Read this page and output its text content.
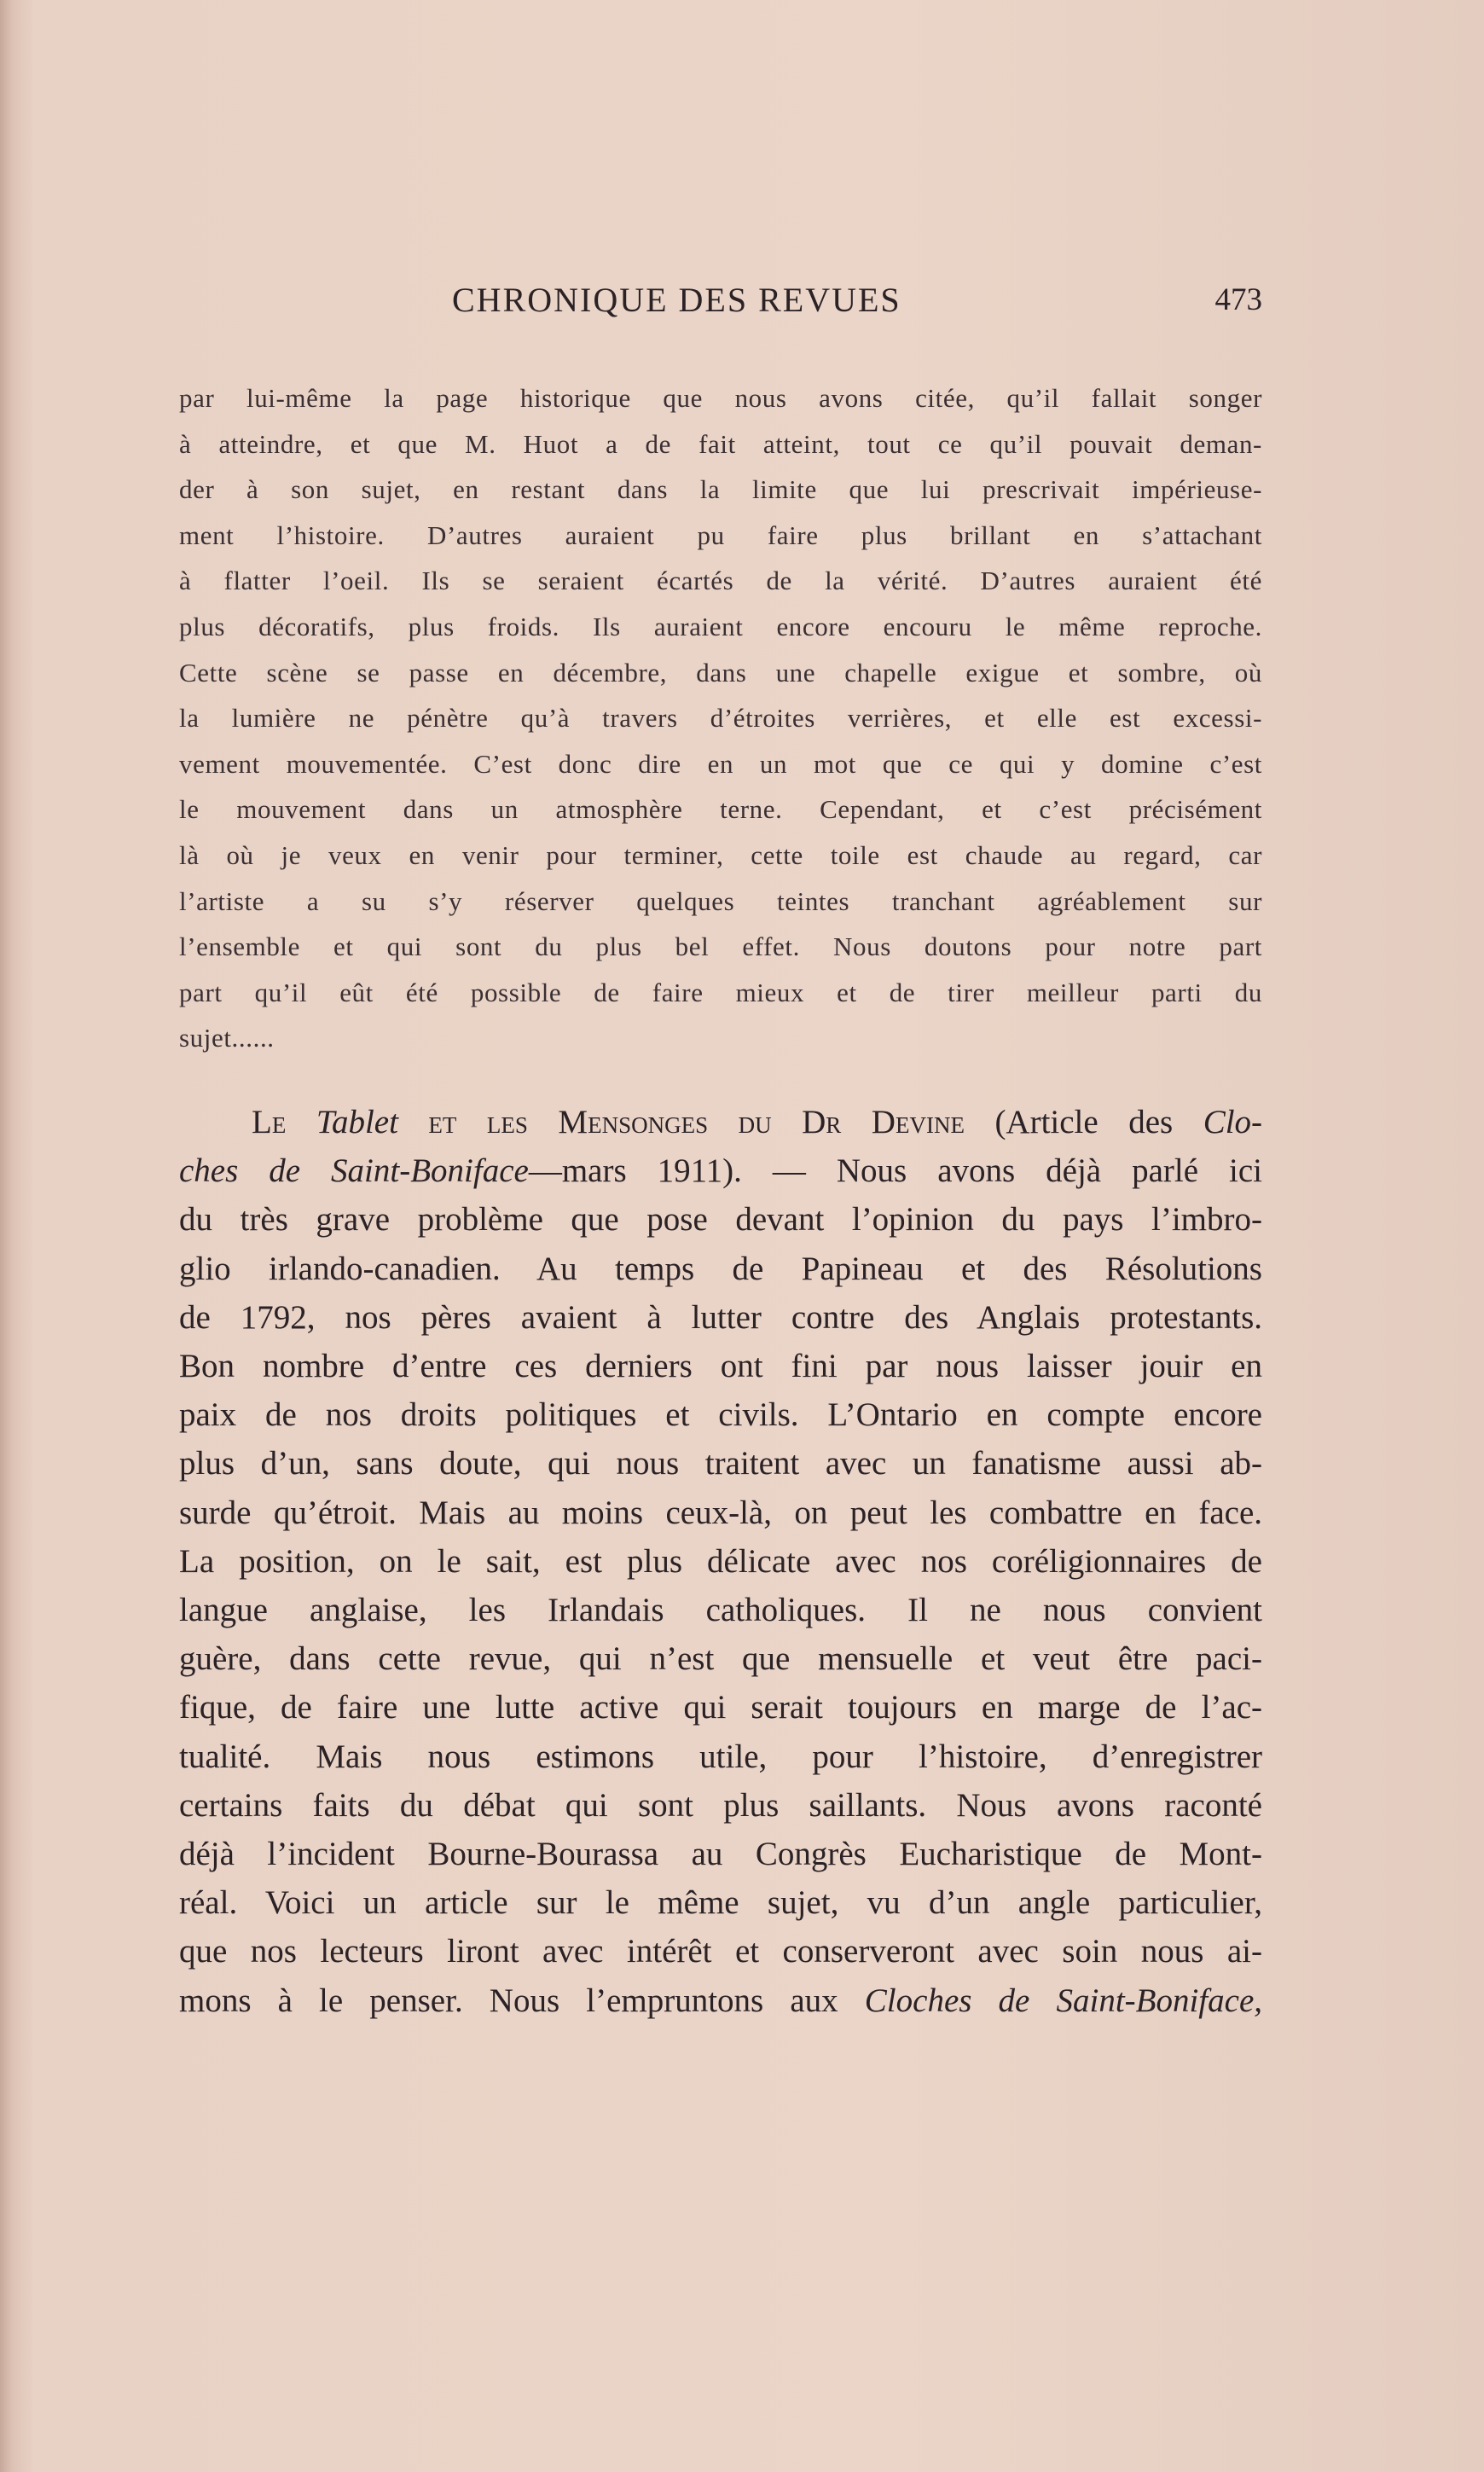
CHRONIQUE DES REVUES	473
par lui-même la page historique que nous avons citée, qu’il fallait songer
à atteindre, et que M. Huot a de fait atteint, tout ce qu’il pouvait deman-
der à son sujet, en restant dans la limite que lui prescrivait impérieuse-
ment l’histoire. D’autres auraient pu faire plus brillant en s’attachant
à flatter l’oeil. Ils se seraient écartés de la vérité. D’autres auraient été
plus décoratifs, plus froids. Ils auraient encore encouru le même reproche.
Cette scène se passe en décembre, dans une chapelle exigue et sombre, où
la lumière ne pénètre qu’à travers d’étroites verrières, et elle est excessi-
vement mouvementée. C’est donc dire en un mot que ce qui y domine c’est
le mouvement dans un atmosphère terne. Cependant, et c’est précisément
là où je veux en venir pour terminer, cette toile est chaude au regard, car
l’artiste a su s’y réserver quelques teintes tranchant agréablement sur
l’ensemble et qui sont du plus bel effet. Nous doutons pour notre part
part qu’il eût été possible de faire mieux et de tirer meilleur parti du
sujet......
Le Tablet et les Mensonges du Dr Devine (Article des Clo-
ches de Saint-Boniface—mars 1911). — Nous avons déjà parlé ici
du très grave problème que pose devant l’opinion du pays l’imbro-
glio irlando-canadien. Au temps de Papineau et des Résolutions
de 1792, nos pères avaient à lutter contre des Anglais protestants.
Bon nombre d’entre ces derniers ont fini par nous laisser jouir en
paix de nos droits politiques et civils. L’Ontario en compte encore
plus d’un, sans doute, qui nous traitent avec un fanatisme aussi ab-
surde qu’étroit. Mais au moins ceux-là, on peut les combattre en face.
La position, on le sait, est plus délicate avec nos coréligionnaires de
langue anglaise, les Irlandais catholiques. Il ne nous convient
guère, dans cette revue, qui n’est que mensuelle et veut être paci-
fique, de faire une lutte active qui serait toujours en marge de l’ac-
tualité. Mais nous estimons utile, pour l’histoire, d’enregistrer
certains faits du débat qui sont plus saillants. Nous avons raconté
déjà l’incident Bourne-Bourassa au Congrès Eucharistique de Mont-
réal. Voici un article sur le même sujet, vu d’un angle particulier,
que nos lecteurs liront avec intérêt et conserveront avec soin nous ai-
mons à le penser. Nous l’empruntons aux Cloches de Saint-Boniface,
